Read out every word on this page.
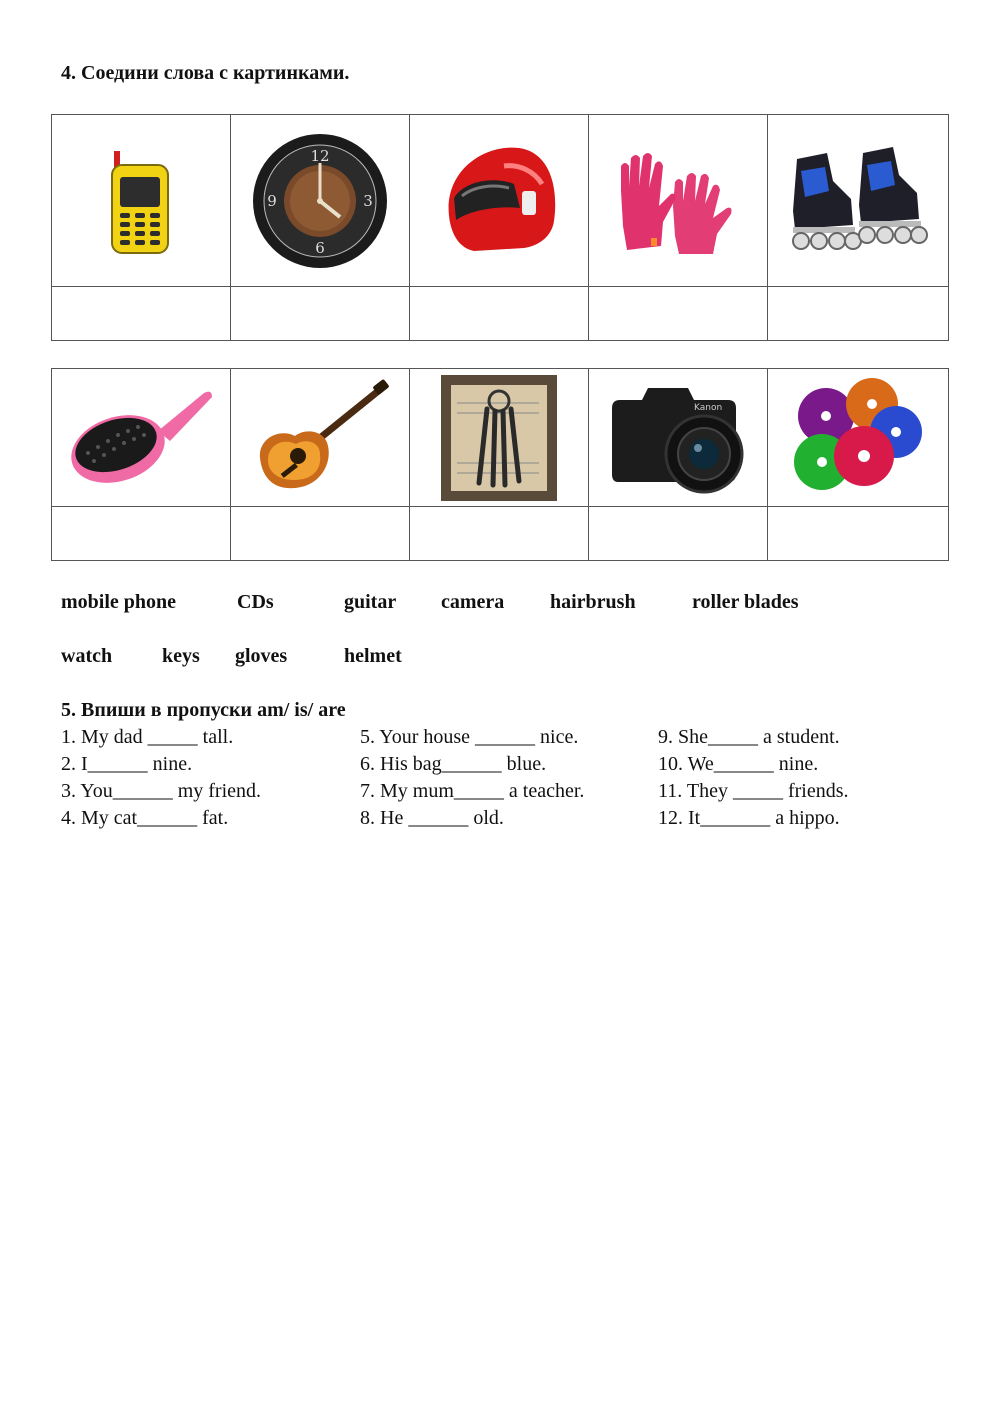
4. Соедини слова с картинками.

12
3
6
9

Kanon

mobile phone	CDs	guitar camera hairbrush	roller blades
watch keys gloves	helmet
5. Впиши в пропуски am/ is/ are
1. My dad _____ tall.
2. I______ nine.
3. You______ my friend.
4. My cat______ fat.
5. Your house ______ nice.
6. His bag______ blue.
7. My mum_____ a teacher.
8. He ______ old.
9. She_____ a student.
10. We______ nine.
11. They _____ friends.
12. It_______ a hippo.
